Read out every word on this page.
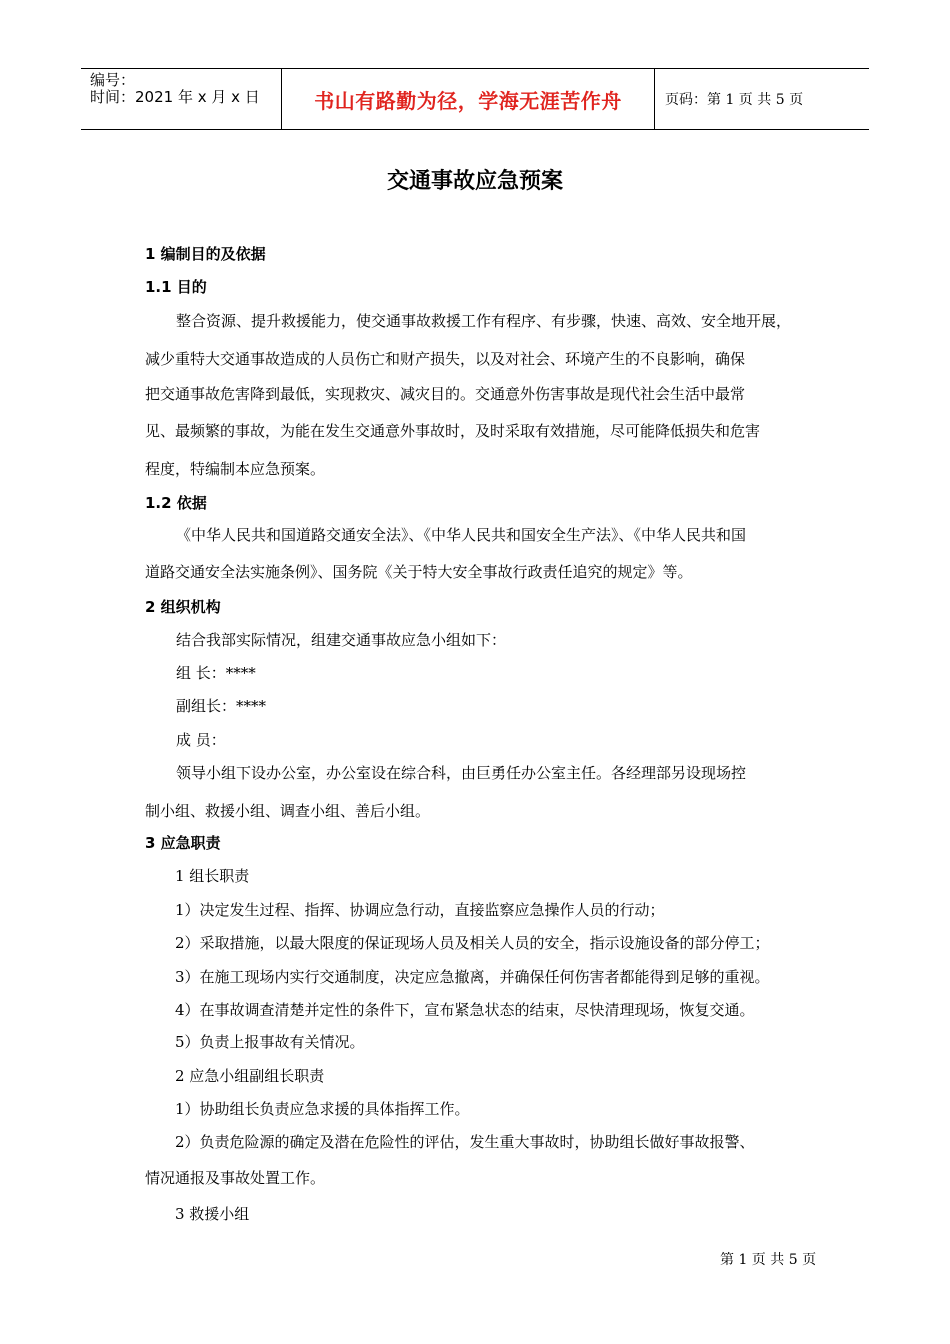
编号：
时间：2021 年 x 月 x 日	书山有路勤为径，学海无涯苦作舟	页码：第 1 页 共 5 页
交通事故应急预案
1 编制目的及依据
1.1 目的
整合资源、提升救援能力，使交通事故救援工作有程序、有步骤，快速、高效、安全地开展，
减少重特大交通事故造成的人员伤亡和财产损失，以及对社会、环境产生的不良影响，确保
把交通事故危害降到最低，实现救灾、减灾目的。交通意外伤害事故是现代社会生活中最常
见、最频繁的事故，为能在发生交通意外事故时，及时采取有效措施，尽可能降低损失和危害
程度，特编制本应急预案。
1.2 依据
《中华人民共和国道路交通安全法》、《中华人民共和国安全生产法》、《中华人民共和国
道路交通安全法实施条例》、国务院《关于特大安全事故行政责任追究的规定》等。
2 组织机构
结合我部实际情况，组建交通事故应急小组如下：
组 长：****
副组长：****
成 员：
领导小组下设办公室，办公室设在综合科，由巨勇任办公室主任。各经理部另设现场控
制小组、救援小组、调查小组、善后小组。
3 应急职责
1 组长职责
1）决定发生过程、指挥、协调应急行动，直接监察应急操作人员的行动；
2）采取措施，以最大限度的保证现场人员及相关人员的安全，指示设施设备的部分停工；
3）在施工现场内实行交通制度，决定应急撤离，并确保任何伤害者都能得到足够的重视。
4）在事故调查清楚并定性的条件下，宣布紧急状态的结束，尽快清理现场，恢复交通。
5）负责上报事故有关情况。
2 应急小组副组长职责
1）协助组长负责应急求援的具体指挥工作。
2）负责危险源的确定及潜在危险性的评估，发生重大事故时，协助组长做好事故报警、
情况通报及事故处置工作。
3 救援小组
第 1 页 共 5 页
